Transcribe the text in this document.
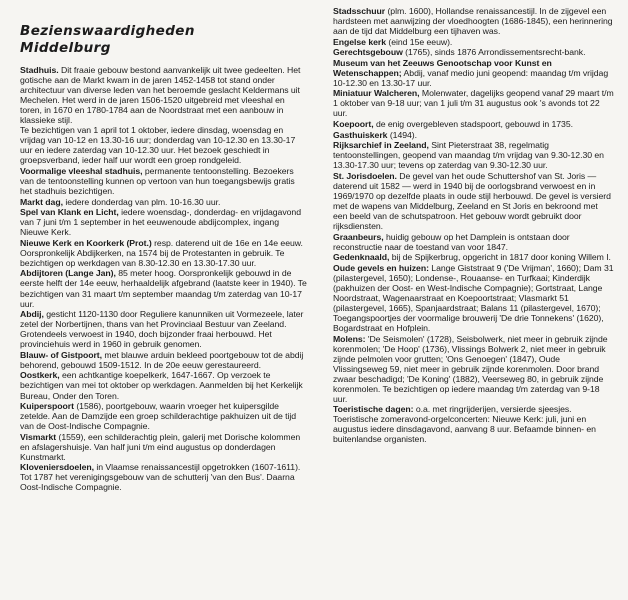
Bezienswaardigheden
Middelburg

Stadhuis. Dit fraaie gebouw bestond aanvankelijk uit twee gedeelten. Het gotische aan de Markt kwam in de jaren 1452-1458 tot stand onder architectuur van diverse leden van het beroemde geslacht Keldermans uit Mechelen. Het werd in de jaren 1506-1520 uitgebreid met vleeshal en toren, in 1670 en 1780-1784 aan de Noordstraat met een aanbouw in klassieke stijl.

Te bezichtigen van 1 april tot 1 oktober, iedere dinsdag, woensdag en vrijdag van 10-12 en 13.30-16 uur; donderdag van 10-12.30 en 13.30-17 uur en iedere zaterdag van 10-12.30 uur. Het bezoek geschiedt in groepsverband, ieder half uur wordt een groep rondgeleid.

Voormalige vleeshal stadhuis, permanente tentoonstelling. Bezoekers van de tentoonstelling kunnen op vertoon van hun toegangsbewijs gratis het stadhuis bezichtigen.

Markt dag, iedere donderdag van plm. 10-16.30 uur.

Spel van Klank en Licht, iedere woensdag-, donderdag- en vrijdagavond van 7 juni t/m 1 september in het eeuwenoude abdijcomplex, ingang Nieuwe Kerk.

Nieuwe Kerk en Koorkerk (Prot.) resp. daterend uit de 16e en 14e eeuw. Oorspronkelijk Abdijkerken, na 1574 bij de Protestanten in gebruik. Te bezichtigen op werkdagen van 8.30-12.30 en 13.30-17.30 uur.

Abdijtoren (Lange Jan), 85 meter hoog. Oorspronkelijk gebouwd in de eerste helft der 14e eeuw, herhaaldelijk afgebrand (laatste keer in 1940). Te bezichtigen van 31 maart t/m september maandag t/m zaterdag van 10-17 uur.

Abdij, gesticht 1120-1130 door Reguliere kanunniken uit Vormezeele, later zetel der Norbertijnen, thans van het Provinciaal Bestuur van Zeeland. Grotendeels verwoest in 1940, doch bijzonder fraai herbouwd. Het provinciehuis werd in 1960 in gebruik genomen.

Blauw- of Gistpoort, met blauwe arduin bekleed poortgebouw tot de abdij behorend, gebouwd 1509-1512. In de 20e eeuw gerestaureerd.

Oostkerk, een achtkantige koepelkerk, 1647-1667. Op verzoek te bezichtigen van mei tot oktober op werkdagen. Aanmelden bij het Kerkelijk Bureau, Onder den Toren.

Kuiperspoort (1586), poortgebouw, waarin vroeger het kuipersgilde zetelde. Aan de Damzijde een groep schilderachtige pakhuizen uit de tijd van de Oost-Indische Compagnie.

Vismarkt (1559), een schilderachtig plein, galerij met Dorische kolommen en afslagershuisje. Van half juni t/m eind augustus op donderdagen Kunstmarkt.

Kloveniersdoelen, in Vlaamse renaissancestijl opgetrokken (1607-1611). Tot 1787 het verenigingsgebouw van de schutterij 'van den Bus'. Daarna Oost-Indische Compagnie.

Stadsschuur (plm. 1600), Hollandse renaissancestijl. In de zijgevel een hardsteen met aanwijzing der vloedhoogten (1686-1845), een herinnering aan de tijd dat Middelburg een tijhaven was.

Engelse kerk (eind 15e eeuw).

Gerechtsgebouw (1765), sinds 1876 Arrondissementsrecht-bank.

Museum van het Zeeuws Genootschap voor Kunst en Wetenschappen; Abdij, vanaf medio juni geopend: maandag t/m vrijdag 10-12.30 en 13.30-17 uur.

Miniatuur Walcheren, Molenwater, dagelijks geopend vanaf 29 maart t/m 1 oktober van 9-18 uur; van 1 juli t/m 31 augustus ook 's avonds tot 22 uur.

Koepoort, de enig overgebleven stadspoort, gebouwd in 1735.

Gasthuiskerk (1494).

Rijksarchief in Zeeland, Sint Pieterstraat 38, regelmatig tentoonstellingen, geopend van maandag t/m vrijdag van 9.30-12.30 en 13.30-17.30 uur; tevens op zaterdag van 9.30-12.30 uur.

St. Jorisdoelen. De gevel van het oude Schuttershof van St. Joris — daterend uit 1582 — werd in 1940 bij de oorlogsbrand verwoest en in 1969/1970 op dezelfde plaats in oude stijl herbouwd. De gevel is versierd met de wapens van Middelburg, Zeeland en St Joris en bekroond met een beeld van de schutspatroon. Het gebouw wordt gebruikt door rijksdiensten.

Graanbeurs, huidig gebouw op het Damplein is ontstaan door reconstructie naar de toestand van voor 1847.

Gedenknaald, bij de Spijkerbrug, opgericht in 1817 door koning Willem I.

Oude gevels en huizen: Lange Giststraat 9 ('De Vrijman', 1660); Dam 31 (pilastergevel, 1650); Londense-, Rouaanse- en Turfkaai; Kinderdijk (pakhuizen der Oost- en West-Indische Compagnie); Gortstraat, Lange Noordstraat, Wagenaarstraat en Koepoortstraat; Vlasmarkt 51 (pilastergevel, 1665), Spanjaardstraat; Balans 11 (pilastergevel, 1670); Toegangspoortjes der voormalige brouwerij 'De drie Tonnekens' (1620), Bogardstraat en Hofplein.

Molens: 'De Seismolen' (1728), Seisbolwerk, niet meer in gebruik zijnde korenmolen; 'De Hoop' (1736), Vlissings Bolwerk 2, niet meer in gebruik zijnde pelmolen voor grutten; 'Ons Genoegen' (1847), Oude Vlissingseweg 59, niet meer in gebruik zijnde korenmolen. Door brand zwaar beschadigd; 'De Koning' (1882), Veerseweg 80, in gebruik zijnde korenmolen. Te bezichtigen op iedere maandag t/m zaterdag van 9-18 uur.

Toeristische dagen: o.a. met ringrijderijen, versierde sjeesjes.

Toeristische zomeravond-orgelconcerten: Nieuwe Kerk: juli, juni en augustus iedere dinsdagavond, aanvang 8 uur. Befaamde binnen- en buitenlandse organisten.
